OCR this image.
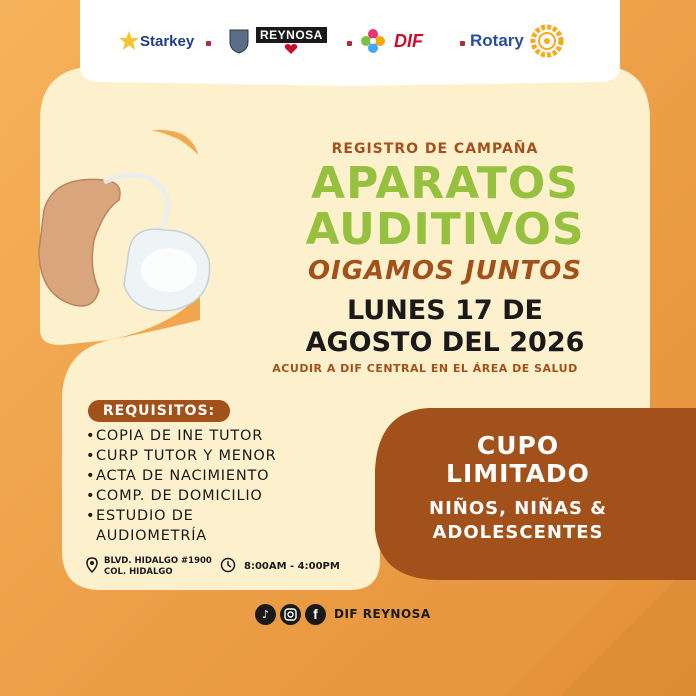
Starkey	REYNOSA	DIF	Rotary
REGISTRO DE CAMPAÑA
APARATOS
AUDITIVOS
OIGAMOS JUNTOS
LUNES 17 DE
AGOSTO DEL 2026
ACUDIR A DIF CENTRAL EN EL ÁREA DE SALUD
REQUISITOS:
•COPIA DE INE TUTOR
•CURP TUTOR Y MENOR
•ACTA DE NACIMIENTO
•COMP. DE DOMICILIO
•ESTUDIO DE
AUDIOMETRÍA
BLVD. HIDALGO #1900
COL. HIDALGO	8:00AM - 4:00PM
CUPO
LIMITADO
NIÑOS, NIÑAS &
ADOLESCENTES
♪	f	DIF REYNOSA
